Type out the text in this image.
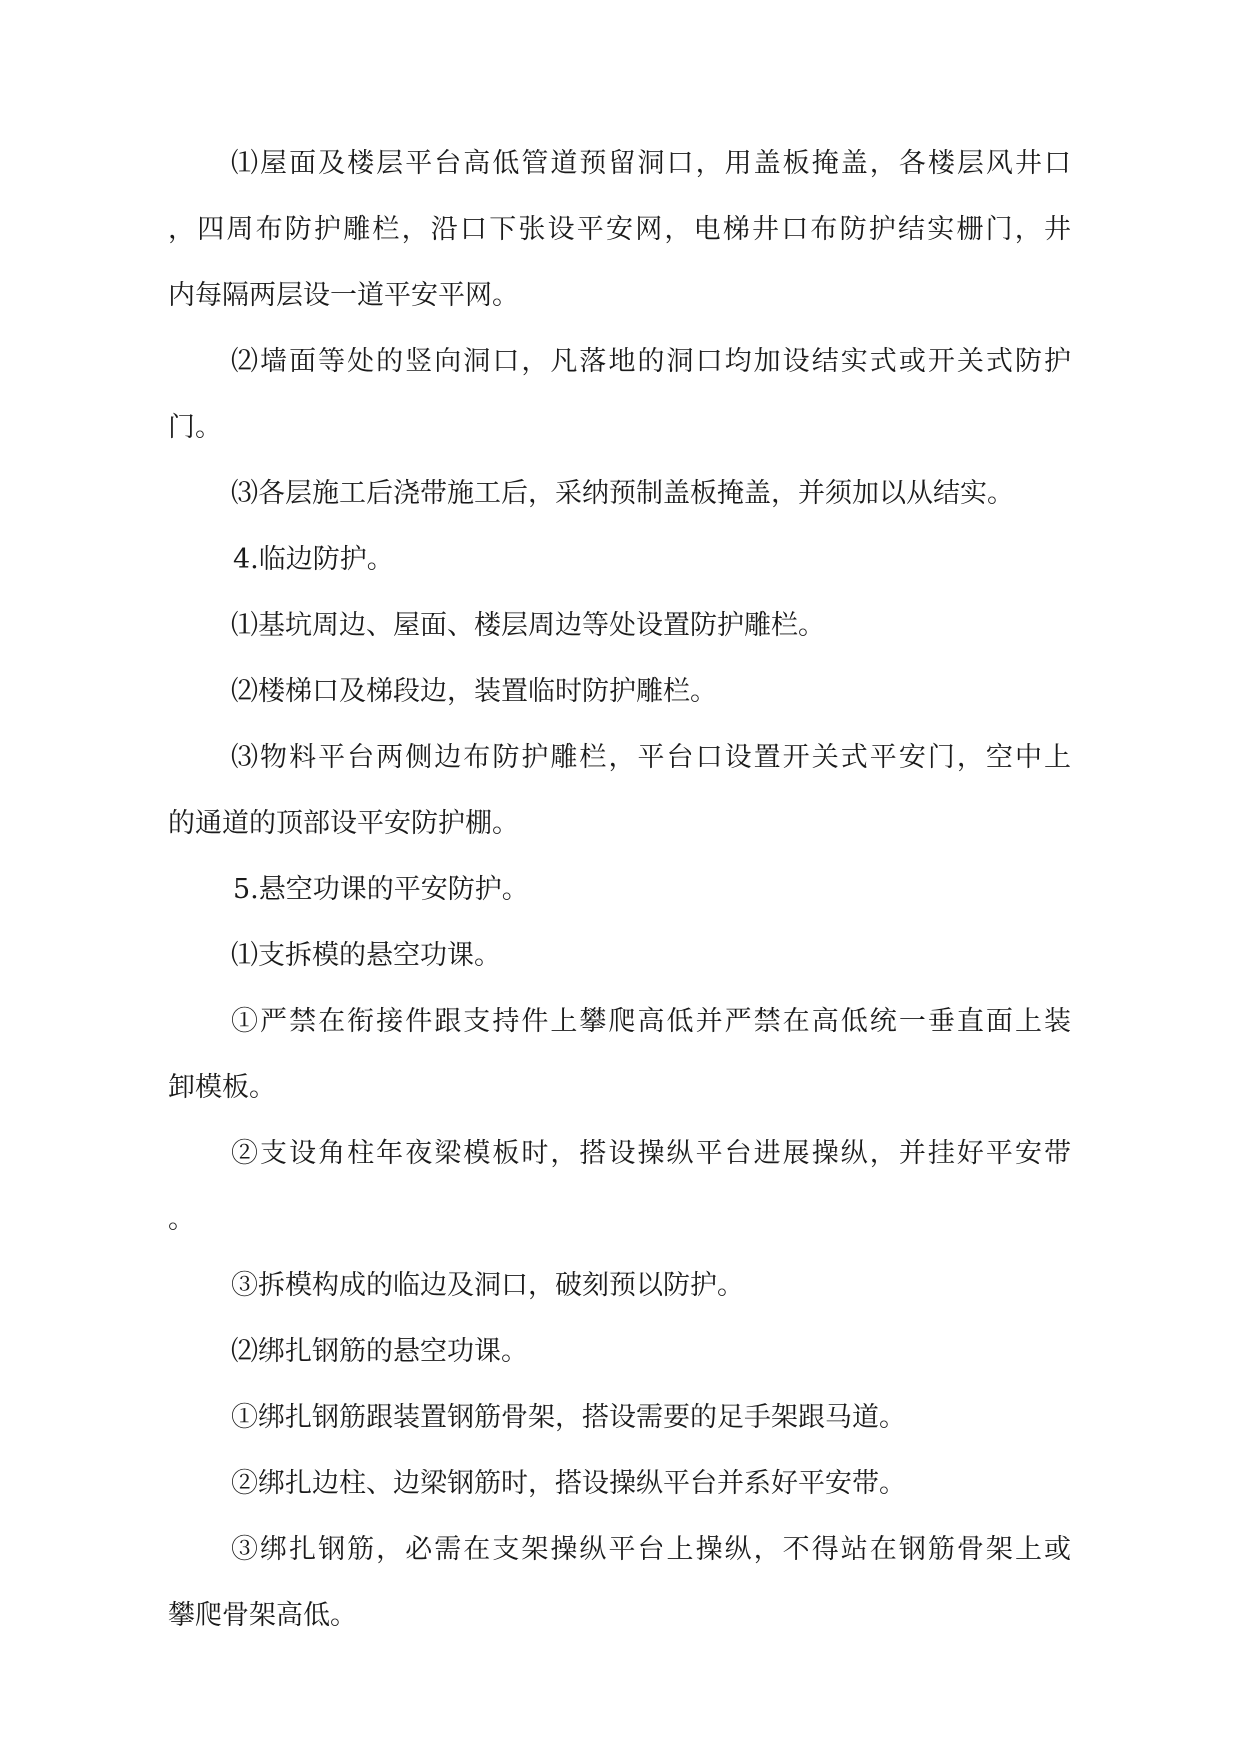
⑴屋面及楼层平台高低管道预留洞口，用盖板掩盖，各楼层风井口
，四周布防护雕栏，沿口下张设平安网，电梯井口布防护结实栅门，井
内每隔两层设一道平安平网。
⑵墙面等处的竖向洞口，凡落地的洞口均加设结实式或开关式防护
门。
⑶各层施工后浇带施工后，采纳预制盖板掩盖，并须加以从结实。
4.临边防护。
⑴基坑周边、屋面、楼层周边等处设置防护雕栏。
⑵楼梯口及梯段边，装置临时防护雕栏。
⑶物料平台两侧边布防护雕栏，平台口设置开关式平安门，空中上
的通道的顶部设平安防护棚。
5.悬空功课的平安防护。
⑴支拆模的悬空功课。
①严禁在衔接件跟支持件上攀爬高低并严禁在高低统一垂直面上装
卸模板。
②支设角柱年夜梁模板时，搭设操纵平台进展操纵，并挂好平安带
。
③拆模构成的临边及洞口，破刻预以防护。
⑵绑扎钢筋的悬空功课。
①绑扎钢筋跟装置钢筋骨架，搭设需要的足手架跟马道。
②绑扎边柱、边梁钢筋时，搭设操纵平台并系好平安带。
③绑扎钢筋，必需在支架操纵平台上操纵，不得站在钢筋骨架上或
攀爬骨架高低。
